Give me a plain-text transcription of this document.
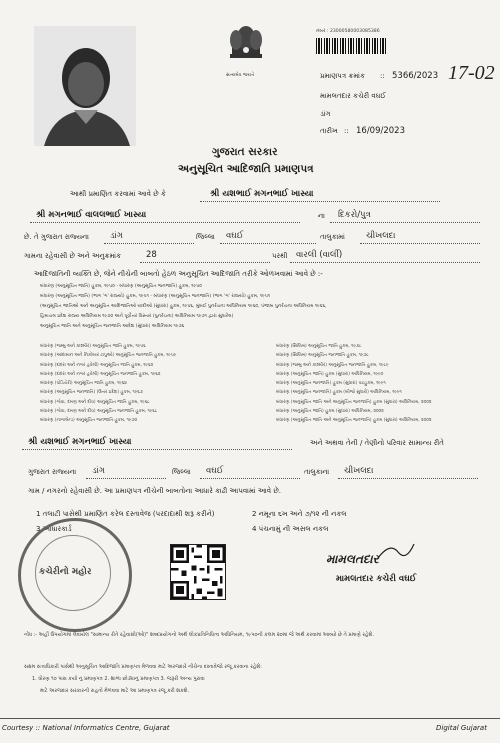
સત્યમેવ જયતે
નંબર : 23000580003085386
પ્રમાણપત્ર ક્રમાંક :: 5366/2023 17-02
મામલતદાર કચેરી વઘઈ
ડાંગ
તારીખ :: 16/09/2023
ગુજરાત સરકાર
અનુસૂચિત આદિજાતિ પ્રમાણપત્ર
આથી પ્રમાણિત કરવામાં આવે છે કે	શ્રી યશભાઈ મગનભાઈ ખાસ્યા
શ્રી મગનભાઈ વાલલભાઈ ખાસ્યા	ના દિકરો/પુત્ર
છે. તે ગુજરાત રાજ્યના ડાંગ	જિલ્લા વઘઈ	તાલુકામાં ચીખલદા
ગામના રહેવાસી છે અને અનુક્રમાંક	28	પરથી વારલી (વાર્લી)
આદિજાતિની વ્યક્તિ છે, જેને નીચેની બાબતો હેઠળ અનુસૂચિત આદિજાતિ તરીકે ઓળખવામાં આવે છે :-
બંધારણ (અનુસૂચિત જાતિ) હુકમ, ૧૯૫૦ - બંધારણ (અનુસૂચિત જનજાતિ) હુકમ, ૧૯૫૦
બંધારણ (અનુસૂચિત જાતિ) (ભાગ 'ગ' રાજ્યો) હુકમ, ૧૯૫૧ - બંધારણ (અનુસૂચિત જનજાતિ) (ભાગ 'ગ' રાજ્યો) હુકમ, ૧૯૫૧
(અનુસૂચિત જાતિઓ અને અનુસૂચિત આદિજાતિઓ યાદીઓ (સુધારા) હુકમ, ૧૯૫૬, મુંબઈ પુનર્રચના અધિનિયમ ૧૯૬૦, પંજાબ પુનર્રચના અધિનિયમ ૧૯૬૬,
હિમાચલ પ્રદેશ રાજ્ય અધિનિયમ ૧૯૭૦ અને પૂર્વોત્તર વિસ્તાર (પુનર્રચના) અધિનિયમ ૧૯૭૧ દ્વારા સુધારેલ)
અનુસૂચિત જાતિ અને અનુસૂચિત જનજાતિ આદેશ (સુધારા) અધિનિયમ ૧૯૭૬
બંધારણ (જમ્મુ અને કાશ્મીર) અનુસૂચિત જાતિ હુકમ, ૧૯૫૬
બંધારણ (આંદામાન અને નિકોબાર ટાપુઓ) અનુસૂચિત જનજાતિ હુકમ, ૧૯૫૯
બંધારણ (દાદરા અને નગર હવેલી) અનુસૂચિત જાતિ હુકમ, ૧૯૬૨
બંધારણ (દાદરા અને નગર હવેલી) અનુસૂચિત જનજાતિ હુકમ, ૧૯૬૨
બંધારણ (પોંડિચેરી) અનુસૂચિત જાતિ હુકમ, ૧૯૬૪
બંધારણ (અનુસૂચિત જનજાતિ) (ઉત્તર પ્રદેશ) હુકમ, ૧૯૬૭
બંધારણ (ગોવા, દમણ અને દીવ) અનુસૂચિત જાતિ હુકમ, ૧૯૬૮
બંધારણ (ગોવા, દમણ અને દીવ) અનુસૂચિત જનજાતિ હુકમ, ૧૯૬૮
બંધારણ (નાગાલેન્ડ) અનુસૂચિત જનજાતિ હુકમ, ૧૯૭૦
બંધારણ (સિક્કિમ) અનુસૂચિત જાતિ હુકમ, ૧૯૭૮
બંધારણ (સિક્કિમ) અનુસૂચિત જનજાતિ હુકમ, ૧૯૭૮
બંધારણ (જમ્મુ અને કાશ્મીર) અનુસૂચિત જનજાતિ હુકમ, ૧૯૮૯
બંધારણ (અનુસૂચિત જાતિ) હુકમ (સુધારા) અધિનિયમ, ૧૯૯૦
બંધારણ (અનુસૂચિત જનજાતિ) હુકમ (સુધારા) વટહુકમ, ૧૯૯૧
બંધારણ (અનુસૂચિત જનજાતિ) હુકમ (બીજો સુધારો) અધિનિયમ, ૧૯૯૧
બંધારણ (અનુસૂચિત જાતિ અને અનુસૂચિત જનજાતિ) હુકમ (સુધારા) અધિનિયમ, ૨૦૦૨
બંધારણ (અનુસૂચિત જાતિ) હુકમ (સુધારા) અધિનિયમ, ૨૦૦૨
બંધારણ (અનુસૂચિત જાતિ અને અનુસૂચિત જનજાતિ) હુકમ (સુધારા) અધિનિયમ, ૨૦૦૨
શ્રી યશભાઈ મગનભાઈ ખાસ્યા	અને અથવા તેની / તેણીનો પરિવાર સામાન્ય રીતે
ગુજરાત રાજ્યના ડાંગ	જિલ્લા વઘઈ	તાલુકાના ચીખલદા
ગામ / નગરનો રહેવાસી છે. આ પ્રમાણપત્ર નીચેની બાબતોના આધારે કાઢી આપવામાં આવે છે.
1 તલાટી પાસેથી પ્રમાણિત કરેલ દસ્તાવેજ (પરદાદાથી શરૂ કરીને)	2 નમૂના ૬ખ અને ૭/૧૨ ની નકલ
3 આધારકાર્ડ	4 પંચનામું ની અસલ નકલ
કચેરીનો મહોર
મામલતદાર
મામલતદાર કચેરી વઘઈ
નોંધ :- અહીં ઉપયોગમાં લેવાયેલ "સામાન્ય રીતે રહેવાસી(ઓ)" શબ્દપ્રયોગનો અર્થ લોકપ્રતિનિધિત્વ અધિનિયમ, ૧૯૫૦ની કલમ ૨૦માં જે અર્થ કરવામાં આવ્યો છે તે પ્રમાણે રહેશે.
સક્ષમ સત્તાધિકારી પાસેથી અનુસૂચિત આદિજાતિ પ્રમાણપત્ર મેળવવા માટે અરજદારે નીચેના દસ્તાવેજો રજૂ કરવાના રહેશે:
1. ધોરણ ૧૦ પાસ કર્યા નું પ્રમાણપત્ર 2. શાળા છોડ્યાનું પ્રમાણપત્ર 3. જરૂરી અન્ય પુરાવા
માટે અરજદાર સરકારની રાહતો મેળવવા માટે આ પ્રમાણપત્ર રજૂ કરી શકશે.
Courtesy :: National Informatics Centre, Gujarat	Digital Gujarat
